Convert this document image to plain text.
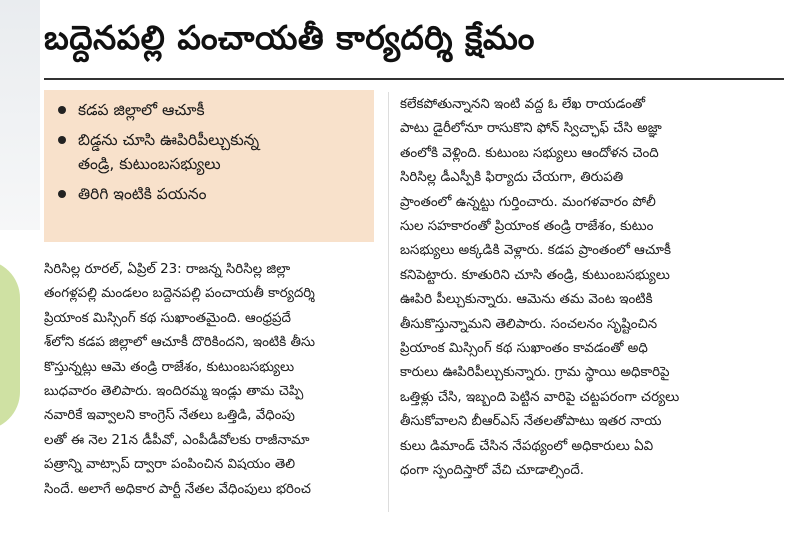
బద్దెనపల్లి పంచాయతీ కార్యదర్శి క్షేమం
కడప జిల్లాలో ఆచూకీ
బిడ్డను చూసి ఊపిరిపీల్చుకున్న
తండ్రి, కుటుంబసభ్యులు
తిరిగి ఇంటికి పయనం
సిరిసిల్ల రూరల్‌, ఏప్రిల్‌ 23: రాజన్న సిరిసిల్ల జిల్లా
తంగళ్లపల్లి మండలం బద్దెనపల్లి పంచాయతీ కార్యదర్శి
ప్రియాంక మిస్సింగ్‌ కథ సుఖాంతమైంది. ఆంధ్రప్రదే
శ్‌లోని కడప జిల్లాలో ఆచూకీ దొరికిందని, ఇంటికి తీసు
కొస్తున్నట్లు ఆమె తండ్రి రాజేశం, కుటుంబసభ్యులు
బుధవారం తెలిపారు. ఇందిరమ్మ ఇండ్లు తామ చెప్పి
నవారికే ఇవ్వాలని కాంగ్రెస్‌ నేతలు ఒత్తిడి, వేధింపు
లతో ఈ నెల 21న డీపీవో, ఎంపీడీవోలకు రాజీనామా
పత్రాన్ని వాట్సాప్‌ ద్వారా పంపించిన విషయం తెలి
సిందే. అలాగే అధికార పార్టీ నేతల వేధింపులు భరించ
కలేకపోతున్నానని ఇంటి వద్ద ఓ లేఖ రాయడంతో
పాటు డైరీలోనూ రాసుకొని ఫోన్‌ స్విచ్ఛాఫ్‌ చేసి అజ్ఞా
తంలోకి వెళ్లింది. కుటుంబ సభ్యులు ఆందోళన చెంది
సిరిసిల్ల డీఎస్పీకి ఫిర్యాదు చేయగా, తిరుపతి
ప్రాంతంలో ఉన్నట్టు గుర్తించారు. మంగళవారం పోలీ
సుల సహకారంతో ప్రియాంక తండ్రి రాజేశం, కుటుం
బసభ్యులు అక్కడికి వెళ్లారు. కడప ప్రాంతంలో ఆచూకీ
కనిపెట్టారు. కూతురిని చూసి తండ్రి, కుటుంబసభ్యులు
ఊపిరి పీల్చుకున్నారు. ఆమెను తమ వెంట ఇంటికి
తీసుకొస్తున్నామని తెలిపారు. సంచలనం సృష్టించిన
ప్రియాంక మిస్సింగ్‌ కథ సుఖాంతం కావడంతో అధి
కారులు ఊపిరిపీల్చుకున్నారు. గ్రామ స్థాయి అధికారిపై
ఒత్తిళ్లు చేసి, ఇబ్బంది పెట్టిన వారిపై చట్టపరంగా చర్యలు
తీసుకోవాలని బీఆర్‌ఎస్‌ నేతలతోపాటు ఇతర నాయ
కులు డిమాండ్‌ చేసిన నేపథ్యంలో అధికారులు ఏవి
ధంగా స్పందిస్తారో వేచి చూడాల్సిందే.
